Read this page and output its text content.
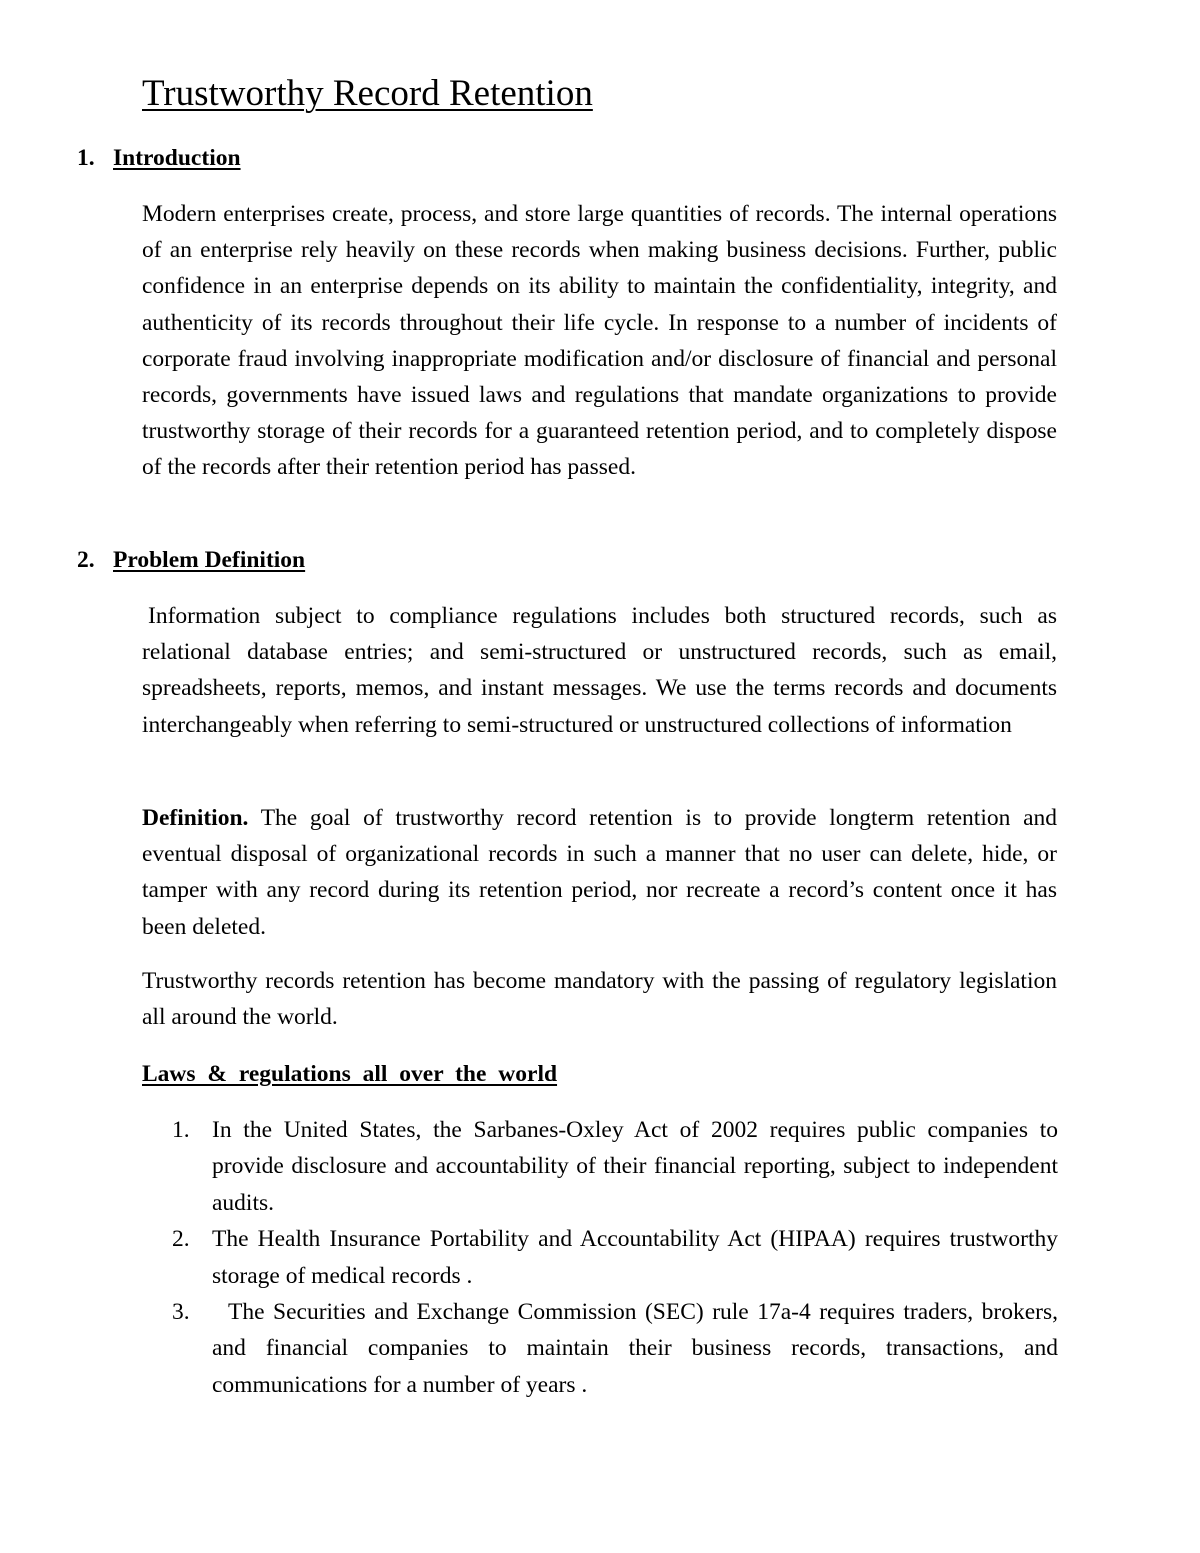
Trustworthy Record Retention
1. Introduction

Modern enterprises create, process, and store large quantities of records. The internal operations of an enterprise rely heavily on these records when making business decisions. Further, public confidence in an enterprise depends on its ability to maintain the confidentiality, integrity, and authenticity of its records throughout their life cycle. In response to a number of incidents of corporate fraud involving inappropriate modification and/or disclosure of financial and personal records, governments have issued laws and regulations that mandate organizations to provide trustworthy storage of their records for a guaranteed retention period, and to completely dispose of the records after their retention period has passed.

2. Problem Definition

Information subject to compliance regulations includes both structured records, such as relational database entries; and semi-structured or unstructured records, such as email, spreadsheets, reports, memos, and instant messages. We use the terms records and documents interchangeably when referring to semi-structured or unstructured collections of information

Definition. The goal of trustworthy record retention is to provide longterm retention and eventual disposal of organizational records in such a manner that no user can delete, hide, or tamper with any record during its retention period, nor recreate a record’s content once it has been deleted.

Trustworthy records retention has become mandatory with the passing of regulatory legislation all around the world.

Laws & regulations all over the world
1. In the United States, the Sarbanes-Oxley Act of 2002 requires public companies to provide disclosure and accountability of their financial reporting, subject to independent audits.
2. The Health Insurance Portability and Accountability Act (HIPAA) requires trustworthy storage of medical records .
3. The Securities and Exchange Commission (SEC) rule 17a-4 requires traders, brokers, and financial companies to maintain their business records, transactions, and communications for a number of years .
